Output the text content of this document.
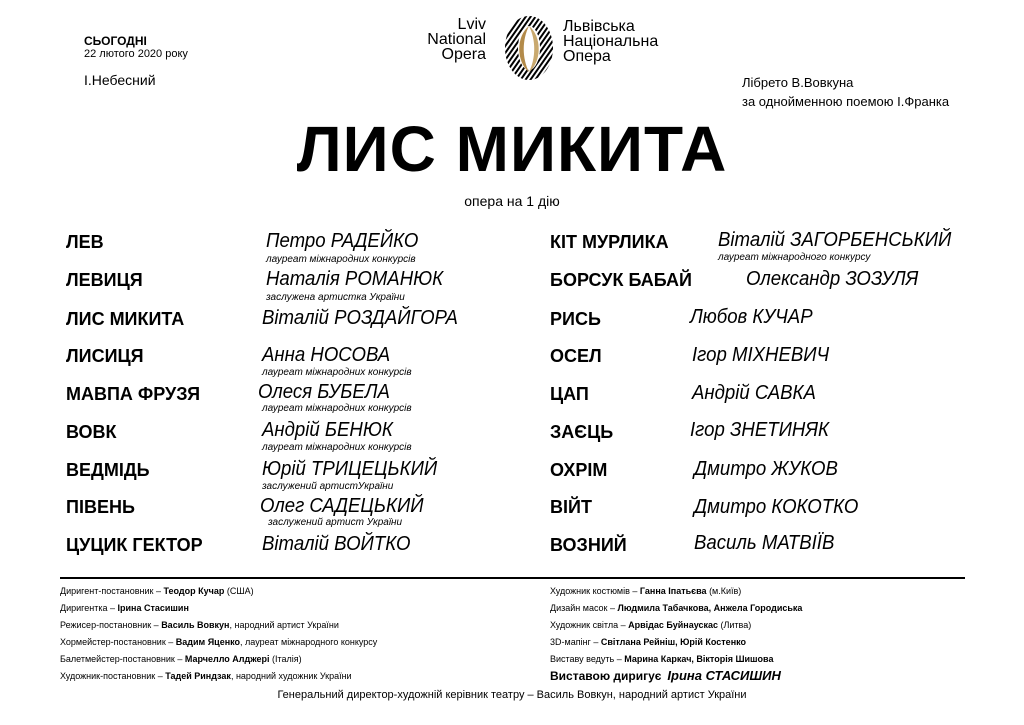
СЬОГОДНІ
22 лютого 2020 року
І.Небесний
Lviv
National
Opera
Львівська
Національна
Опера
Лібрето В.Вовкуна
за однойменною поемою І.Франка
ЛИС МИКИТА
опера на 1 дію
ЛЕВ	Петро РАДЕЙКО
лауреат міжнародних конкурсів
ЛЕВИЦЯ	Наталія РОМАНЮК
заслужена артистка України
ЛИС МИКИТА	Віталій РОЗДАЙГОРА
ЛИСИЦЯ	Анна НОСОВА
лауреат міжнародних конкурсів
МАВПА ФРУЗЯ	Олеся БУБЕЛА
лауреат міжнародних конкурсів
ВОВК	Андрій БЕНЮК
лауреат міжнародних конкурсів
ВЕДМІДЬ	Юрій ТРИЦЕЦЬКИЙ
заслужений артистУкраїни
ПІВЕНЬ	Олег САДЕЦЬКИЙ
заслужений артист України
ЦУЦИК ГЕКТОР	Віталій ВОЙТКО
КІТ МУРЛИКА Віталій ЗАГОРБЕНСЬКИЙ
лауреат міжнародного конкурсу
БОРСУК БАБАЙ	Олександр ЗОЗУЛЯ
РИСЬ	Любов КУЧАР
ОСЕЛ	Ігор МІХНЕВИЧ
ЦАП	Андрій САВКА
ЗАЄЦЬ	Ігор ЗНЕТИНЯК
ОХРІМ	Дмитро ЖУКОВ
ВІЙТ	Дмитро КОКОТКО
ВОЗНИЙ	Василь МАТВІЇВ
Диригент-постановник – Теодор Кучар (США)
Диригентка – Ірина Стасишин
Режисер-постановник – Василь Вовкун, народний артист України
Хормейстер-постановник – Вадим Яценко, лауреат міжнародного конкурсу
Балетмейстер-постановник – Марчелло Алджері (Італія)
Художник-постановник – Тадей Риндзак, народний художник України
Художник костюмів – Ганна Іпатьєва (м.Київ)
Дизайн масок – Людмила Табачкова, Анжела Городиська
Художник світла – Арвідас Буйнаускас (Литва)
3D-мапінг – Світлана Рейніш, Юрій Костенко
Виставу ведуть – Марина Каркач, Вікторія Шишова
Виставою диригує Ірина СТАСИШИН
Генеральний директор-художній керівник театру – Василь Вовкун, народний артист України
